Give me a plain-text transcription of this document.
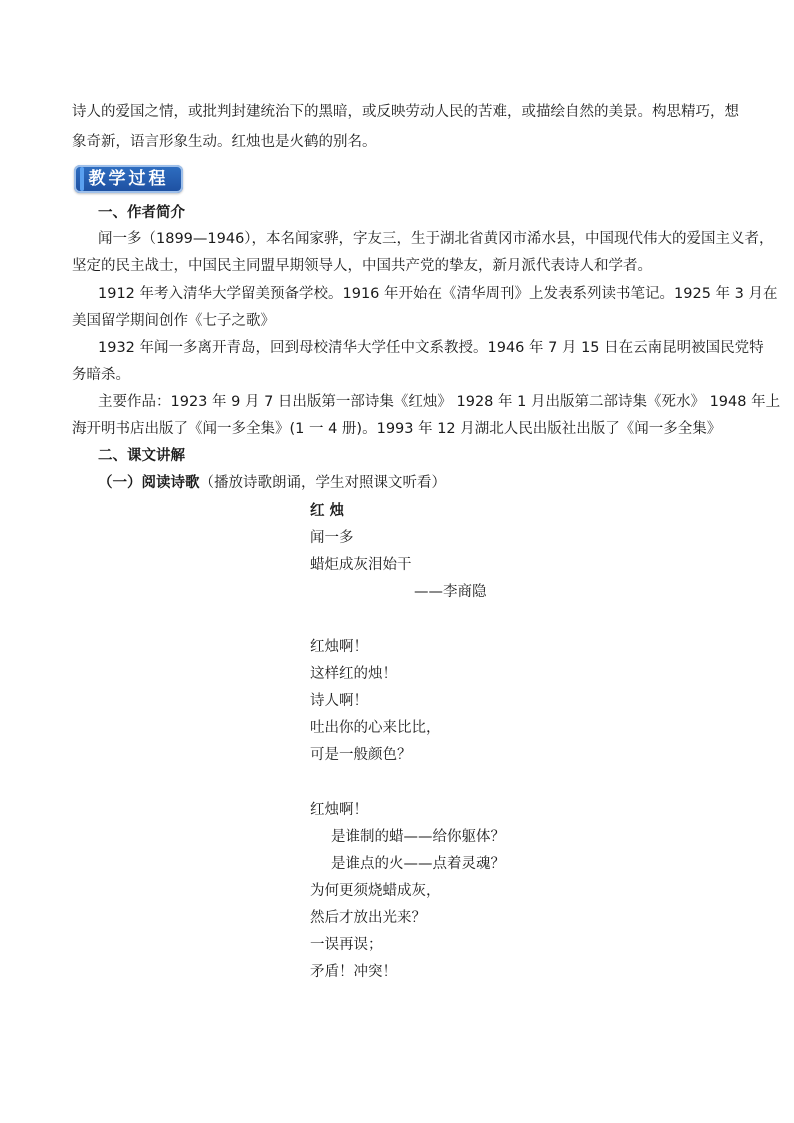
诗人的爱国之情，或批判封建统治下的黑暗，或反映劳动人民的苦难，或描绘自然的美景。构思精巧，想
象奇新，语言形象生动。红烛也是火鹤的别名。
教学过程
一、作者简介
闻一多（1899—1946），本名闻家骅，字友三，生于湖北省黄冈市浠水县，中国现代伟大的爱国主义者，
坚定的民主战士，中国民主同盟早期领导人，中国共产党的挚友，新月派代表诗人和学者。
1912 年考入清华大学留美预备学校。1916 年开始在《清华周刊》上发表系列读书笔记。1925 年 3 月在
美国留学期间创作《七子之歌》
1932 年闻一多离开青岛，回到母校清华大学任中文系教授。1946 年 7 月 15 日在云南昆明被国民党特
务暗杀。
主要作品：1923 年 9 月 7 日出版第一部诗集《红烛》 1928 年 1 月出版第二部诗集《死水》 1948 年上
海开明书店出版了《闻一多全集》(1 一 4 册)。1993 年 12 月湖北人民出版社出版了《闻一多全集》
二、课文讲解
（一）阅读诗歌（播放诗歌朗诵，学生对照课文听看）
红 烛
闻一多
蜡炬成灰泪始干
——李商隐
红烛啊！
这样红的烛！
诗人啊！
吐出你的心来比比，
可是一般颜色？
红烛啊！
是谁制的蜡——给你躯体？
是谁点的火——点着灵魂？
为何更须烧蜡成灰，
然后才放出光来？
一误再误；
矛盾！冲突！
